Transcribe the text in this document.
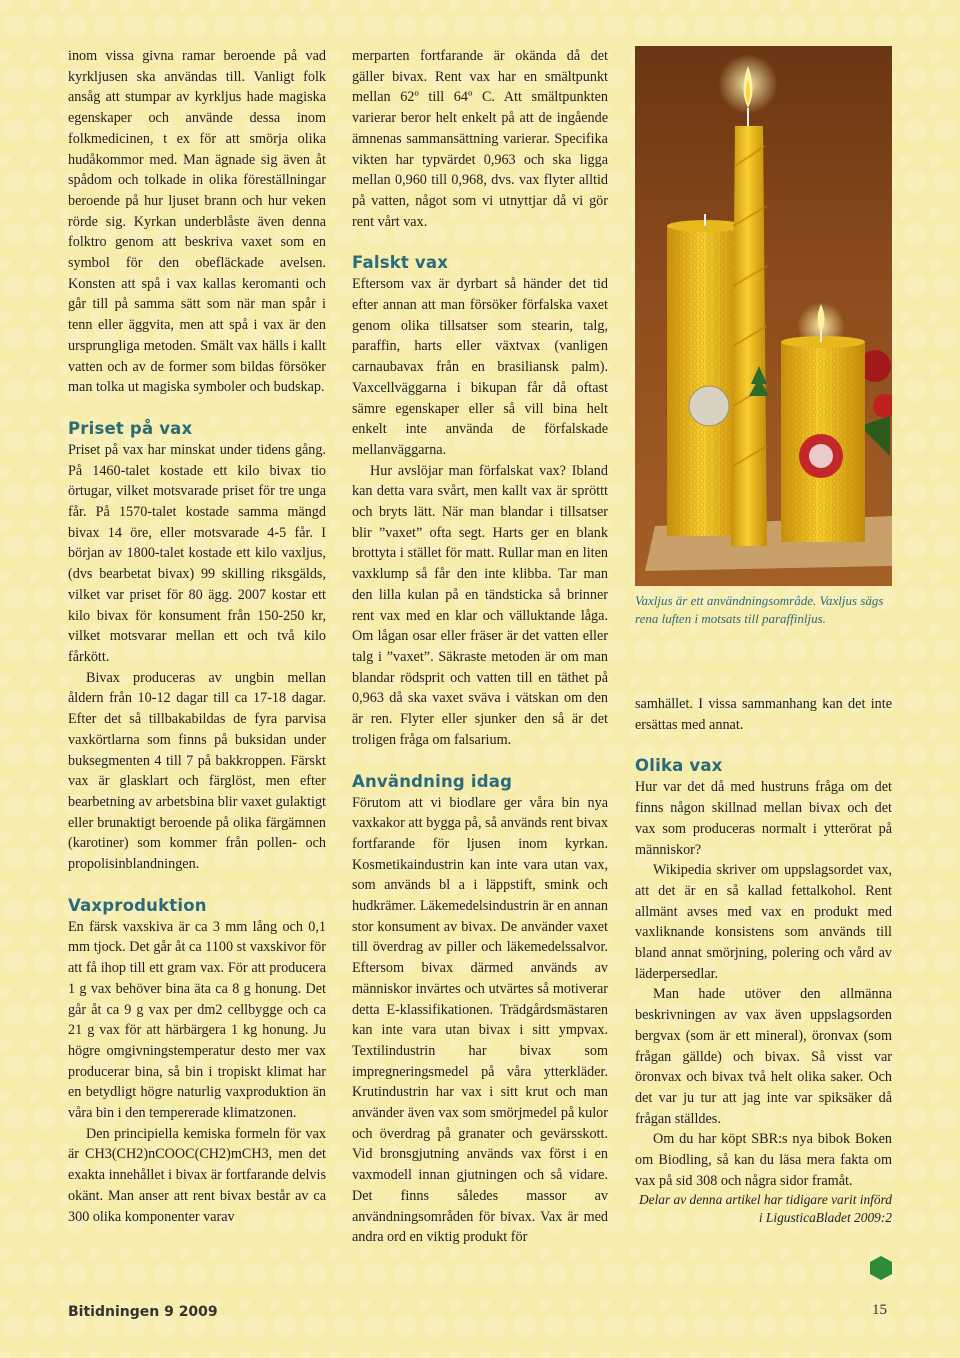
inom vissa givna ramar beroende på vad kyrkljusen ska användas till. Vanligt folk ansåg att stumpar av kyrkljus hade magiska egenskaper och använde dessa inom folkmedicinen, t ex för att smörja olika hudåkommor med. Man ägnade sig även åt spådom och tolkade in olika föreställningar beroende på hur ljuset brann och hur veken rörde sig. Kyrkan underblåste även denna folktro genom att beskriva vaxet som en symbol för den obefläckade avelsen. Konsten att spå i vax kallas keromanti och går till på samma sätt som när man spår i tenn eller äggvita, men att spå i vax är den ursprungliga metoden. Smält vax hälls i kallt vatten och av de former som bildas försöker man tolka ut magiska symboler och budskap.

Priset på vax

Priset på vax har minskat under tidens gång. På 1460-talet kostade ett kilo bivax tio örtugar, vilket motsvarade priset för tre unga får. På 1570-talet kostade samma mängd bivax 14 öre, eller motsvarade 4-5 får. I början av 1800-talet kostade ett kilo vaxljus, (dvs bearbetat bivax) 99 skilling riksgälds, vilket var priset för 80 ägg. 2007 kostar ett kilo bivax för konsument från 150-250 kr, vilket motsvarar mellan ett och två kilo fårkött.

Bivax produceras av ungbin mellan åldern från 10-12 dagar till ca 17-18 dagar. Efter det så tillbakabildas de fyra parvisa vaxkörtlarna som finns på buksidan under buksegmenten 4 till 7 på bakkroppen. Färskt vax är glasklart och färglöst, men efter bearbetning av arbetsbina blir vaxet gulaktigt eller brunaktigt beroende på olika färgämnen (karotiner) som kommer från pollen- och propolisinblandningen.

Vaxproduktion

En färsk vaxskiva är ca 3 mm lång och 0,1 mm tjock. Det går åt ca 1100 st vaxskivor för att få ihop till ett gram vax. För att producera 1 g vax behöver bina äta ca 8 g honung. Det går åt ca 9 g vax per dm2 cellbygge och ca 21 g vax för att härbärgera 1 kg honung. Ju högre omgivningstemperatur desto mer vax producerar bina, så bin i tropiskt klimat har en betydligt högre naturlig vaxproduktion än våra bin i den tempererade klimatzonen.

Den principiella kemiska formeln för vax är CH3(CH2)nCOOC(CH2)mCH3, men det exakta innehållet i bivax är fortfarande delvis okänt. Man anser att rent bivax består av ca 300 olika komponenter varav

merparten fortfarande är okända då det gäller bivax. Rent vax har en smältpunkt mellan 62º till 64º C. Att smältpunkten varierar beror helt enkelt på att de ingående ämnenas sammansättning varierar. Specifika vikten har typvärdet 0,963 och ska ligga mellan 0,960 till 0,968, dvs. vax flyter alltid på vatten, något som vi utnyttjar då vi gör rent vårt vax.

Falskt vax

Eftersom vax är dyrbart så händer det tid efter annan att man försöker förfalska vaxet genom olika tillsatser som stearin, talg, paraffin, harts eller växtvax (vanligen carnaubavax från en brasiliansk palm). Vaxcellväggarna i bikupan får då oftast sämre egenskaper eller så vill bina helt enkelt inte använda de förfalskade mellanväggarna.

Hur avslöjar man förfalskat vax? Ibland kan detta vara svårt, men kallt vax är spröttt och bryts lätt. När man blandar i tillsatser blir ”vaxet” ofta segt. Harts ger en blank brottyta i stället för matt. Rullar man en liten vaxklump så får den inte klibba. Tar man den lilla kulan på en tändsticka så brinner rent vax med en klar och välluktande låga. Om lågan osar eller fräser är det vatten eller talg i ”vaxet”. Säkraste metoden är om man blandar rödsprit och vatten till en täthet på 0,963 då ska vaxet sväva i vätskan om den är ren. Flyter eller sjunker den så är det troligen fråga om falsarium.

Användning idag

Förutom att vi biodlare ger våra bin nya vaxkakor att bygga på, så används rent bivax fortfarande för ljusen inom kyrkan. Kosmetikaindustrin kan inte vara utan vax, som används bl a i läppstift, smink och hudkrämer. Läkemedelsindustrin är en annan stor konsument av bivax. De använder vaxet till överdrag av piller och läkemedelssalvor. Eftersom bivax därmed används av människor invärtes och utvärtes så motiverar detta E-klassifikationen. Trädgårdsmästaren kan inte vara utan bivax i sitt ympvax. Textilindustrin har bivax som impregneringsmedel på våra ytterkläder. Krutindustrin har vax i sitt krut och man använder även vax som smörjmedel på kulor och överdrag på granater och gevärsskott. Vid bronsgjutning används vax först i en vaxmodell innan gjutningen och så vidare. Det finns således massor av användningsområden för bivax. Vax är med andra ord en viktig produkt för

Vaxljus är ett användningsområde. Vaxljus sägs rena luften i motsats till paraffinljus.

samhället. I vissa sammanhang kan det inte ersättas med annat.

Olika vax

Hur var det då med hustruns fråga om det finns någon skillnad mellan bivax och det vax som produceras normalt i ytterörat på människor?

Wikipedia skriver om uppslagsordet vax, att det är en så kallad fettalkohol. Rent allmänt avses med vax en produkt med vaxliknande konsistens som används till bland annat smörjning, polering och vård av läderpersedlar.

Man hade utöver den allmänna beskrivningen av vax även uppslagsorden bergvax (som är ett mineral), öronvax (som frågan gällde) och bivax. Så visst var öronvax och bivax två helt olika saker. Och det var ju tur att jag inte var spiksäker då frågan ställdes.

Om du har köpt SBR:s nya bibok Boken om Biodling, så kan du läsa mera fakta om vax på sid 308 och några sidor framåt.

Delar av denna artikel har tidigare varit införd i LigusticaBladet 2009:2

Bitidningen 9 2009	15
